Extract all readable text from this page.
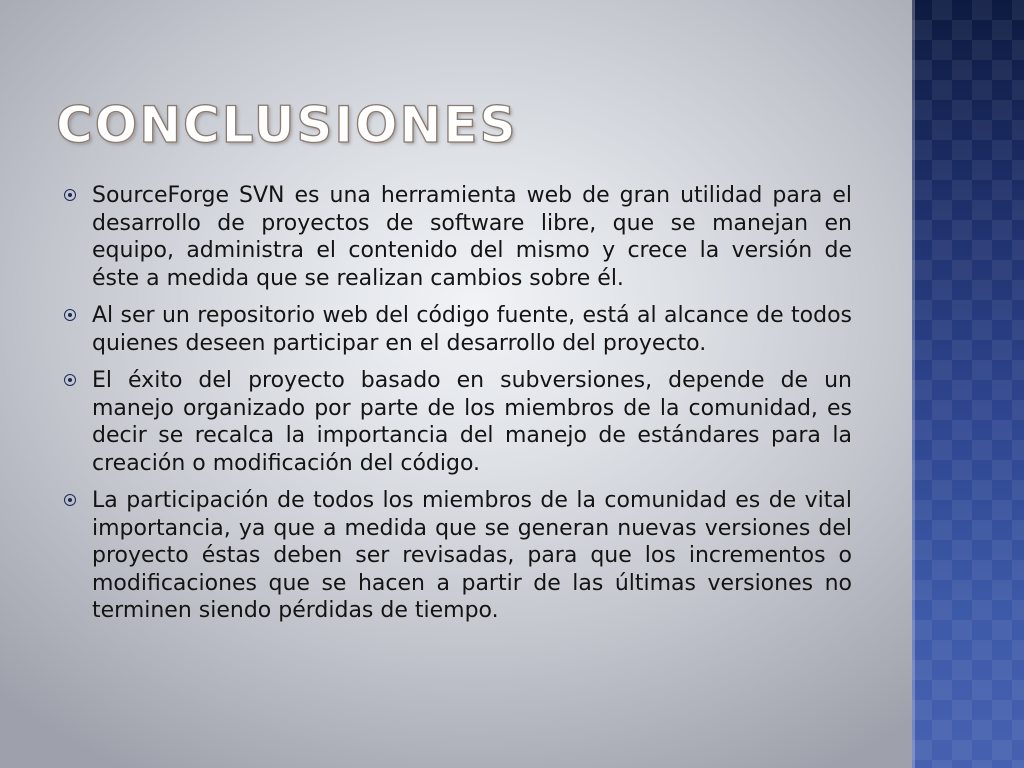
CONCLUSIONES
SourceForge SVN es una herramienta web de gran utilidad para el desarrollo de proyectos de software libre, que se manejan en equipo, administra el contenido del mismo y crece la versión de éste a medida que se realizan cambios sobre él.
Al ser un repositorio web del código fuente, está al alcance de todos quienes deseen participar en el desarrollo del proyecto.
El éxito del proyecto basado en subversiones, depende de un manejo organizado por parte de los miembros de la comunidad, es decir se recalca la importancia del manejo de estándares para la creación o modificación del código.
La participación de todos los miembros de la comunidad es de vital importancia, ya que a medida que se generan nuevas versiones del proyecto éstas deben ser revisadas, para que los incrementos o modificaciones que se hacen a partir de las últimas versiones no terminen siendo pérdidas de tiempo.
